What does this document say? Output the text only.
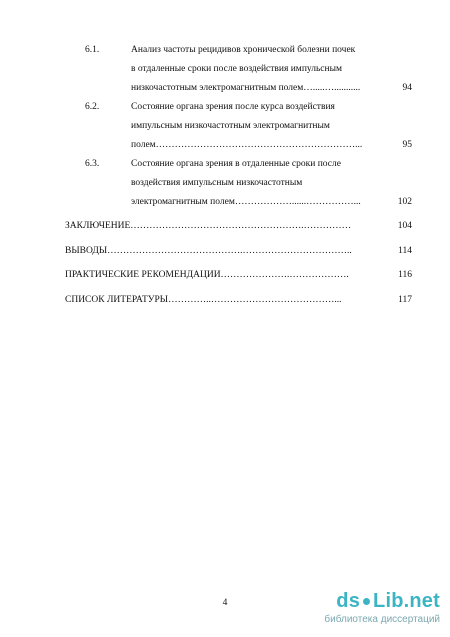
6.1.	Анализ частоты рецидивов хронической болезни почек
в отдаленные сроки после воздействия импульсным
низкочастотным электромагнитным полем….....…...........	94
6.2.	Состояние органа зрения после курса воздействия
импульсным низкочастотным электромагнитным
полем………………………………………………………...	95
6.3.	Состояние органа зрения в отдаленные сроки после
воздействия импульсным низкочастотным
электромагнитным полем………………......……………...	102
ЗАКЛЮЧЕНИЕ……………………………………………….……………	104
ВЫВОДЫ…………………………………….……………………………..	114
ПРАКТИЧЕСКИЕ РЕКОМЕНДАЦИИ………………….……………….	116
СПИСОК ЛИТЕРАТУРЫ…………..…………………………………...	117
4	ds Lib.net
библиотека диссертаций
